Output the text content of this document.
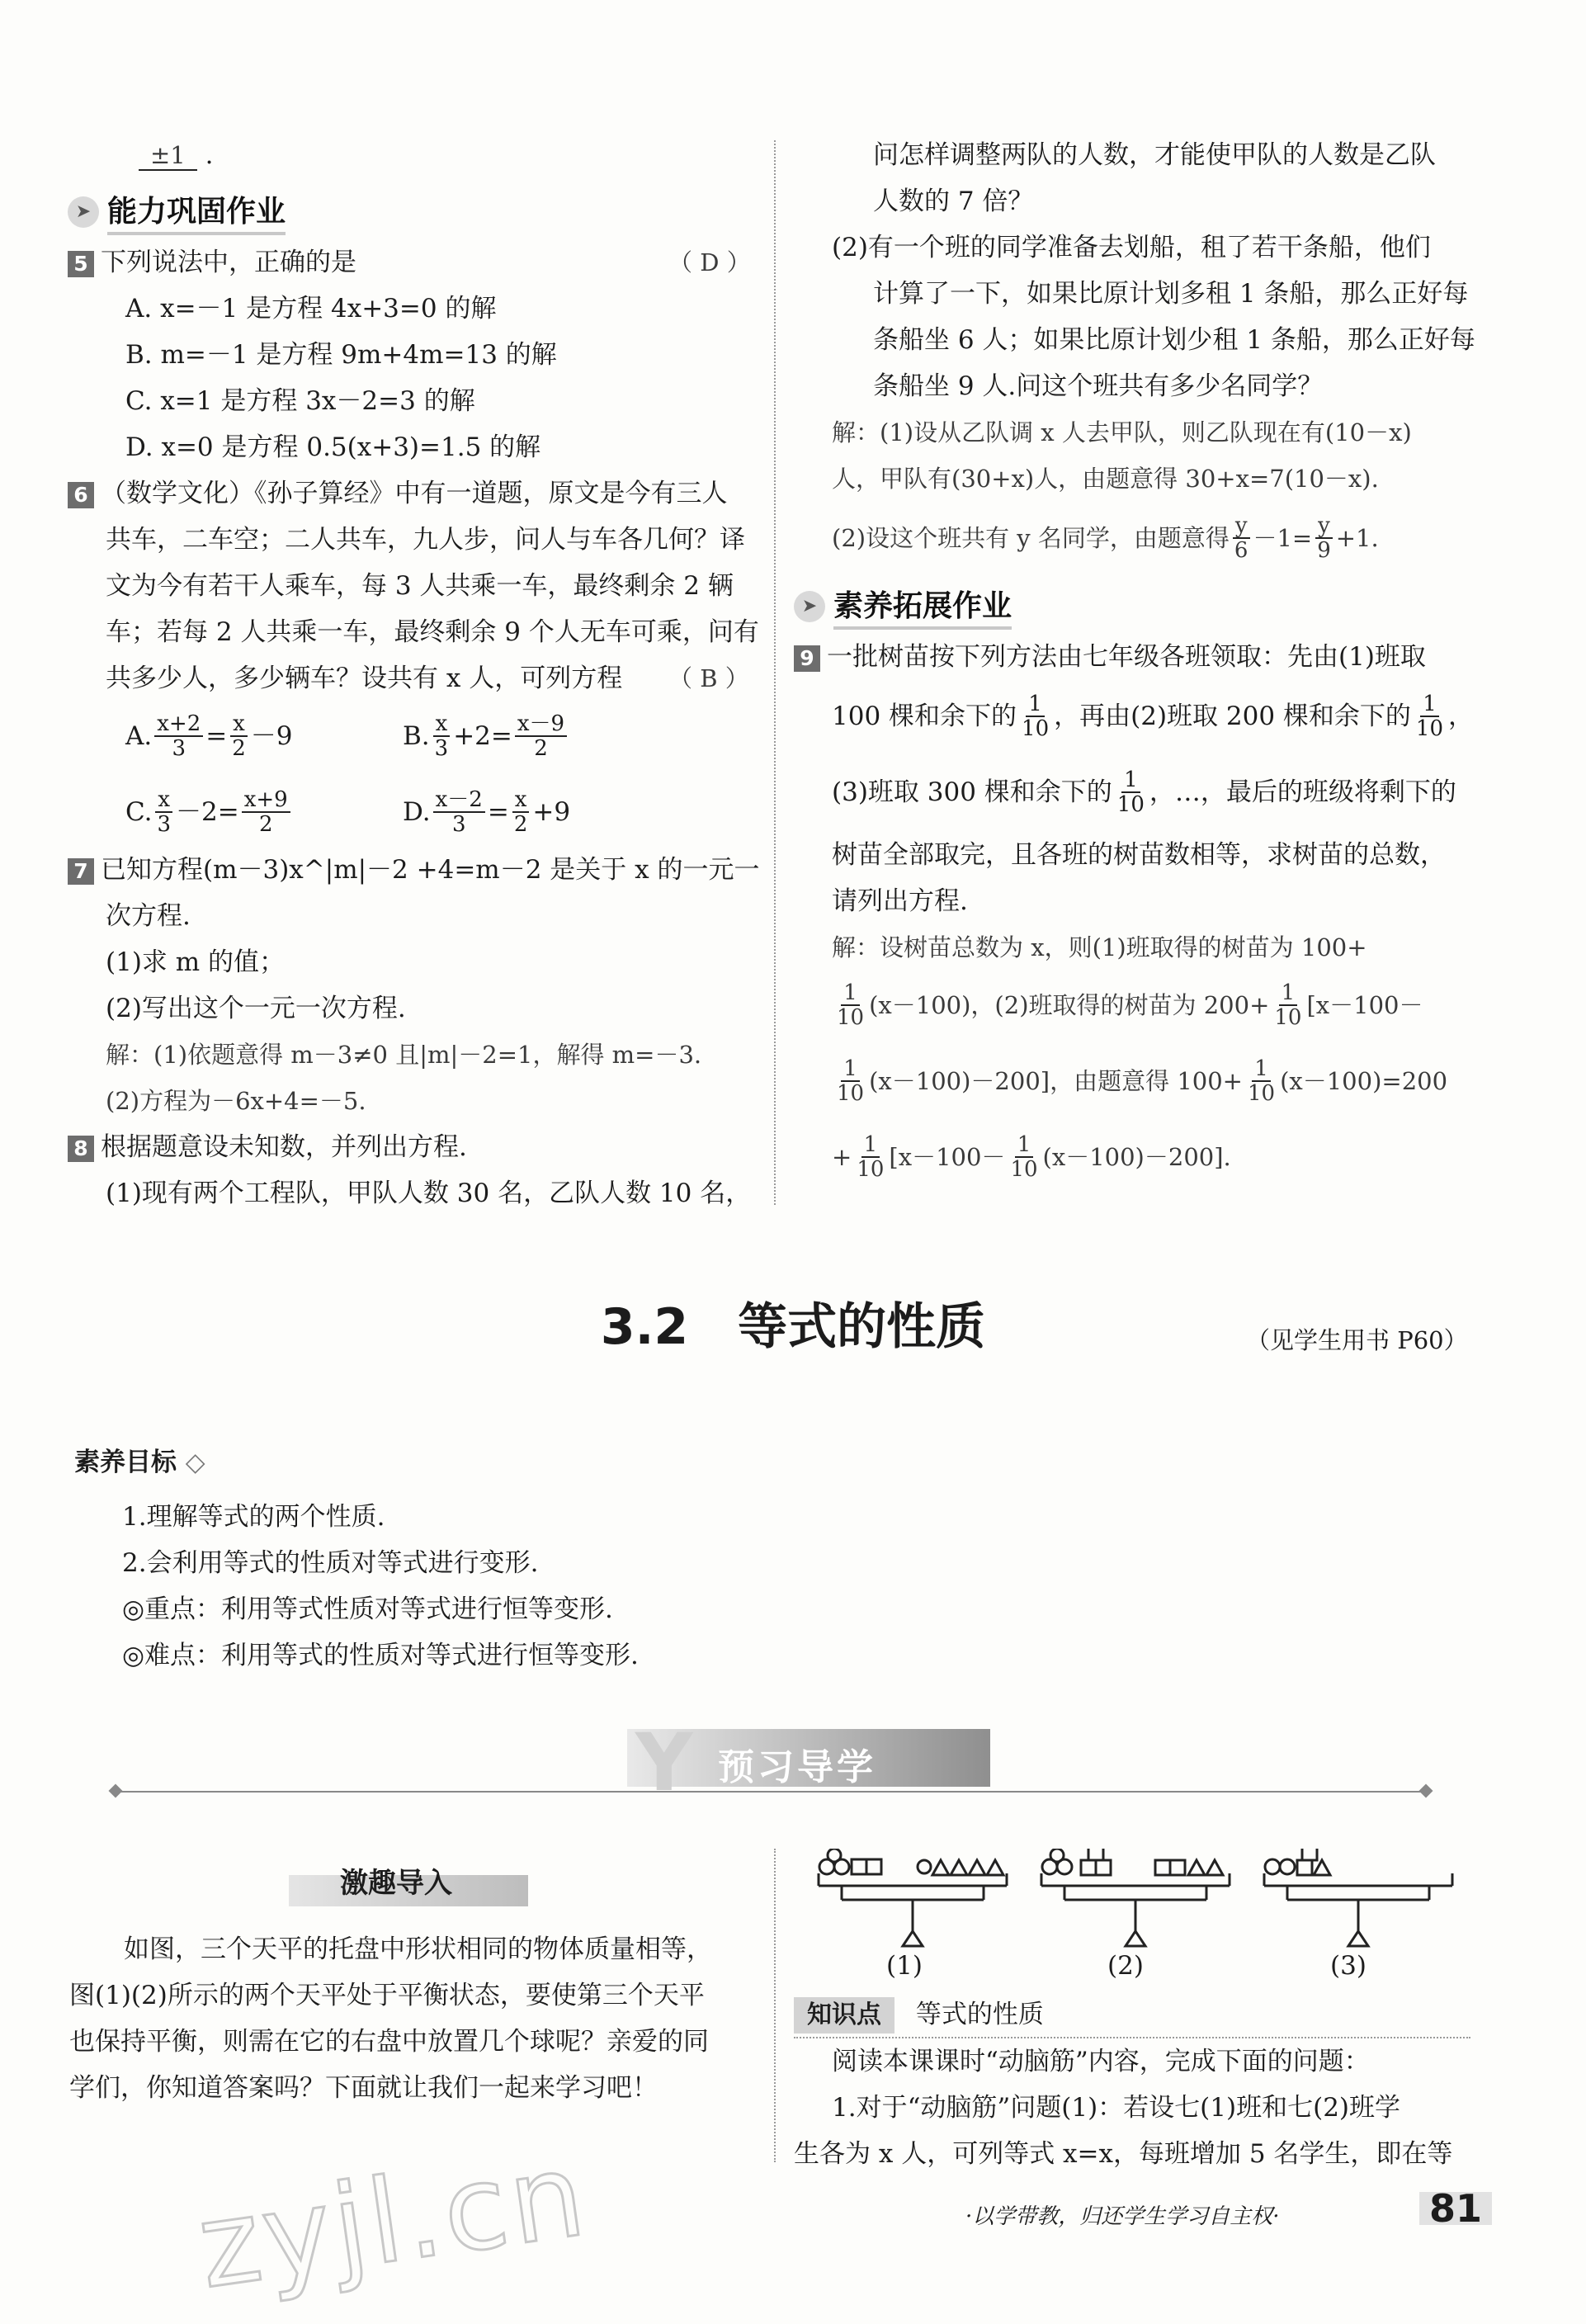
±1 .
➤ 能力巩固作业
5 下列说法中，正确的是	（ D ）
A. x=－1 是方程 4x+3=0 的解
B. m=－1 是方程 9m+4m=13 的解
C. x=1 是方程 3x－2=3 的解
D. x=0 是方程 0.5(x+3)=1.5 的解
6 （数学文化）《孙子算经》中有一道题，原文是今有三人
共车，二车空；二人共车，九人步，问人与车各几何？译
文为今有若干人乘车，每 3 人共乘一车，最终剩余 2 辆
车；若每 2 人共乘一车，最终剩余 9 个人无车可乘，问有
共多少人，多少辆车？设共有 x 人，可列方程 （ B ）
A. $\frac{x+2}{3} = \frac{x}{2} -9$	B. $\frac{x}{3} +2= \frac{x-9}{2}$
C. $\frac{x}{3} -2= \frac{x+9}{2}$	D. $\frac{x-2}{3} = \frac{x}{2} +9$
7 已知方程(m－3)x^|m|－2 +4=m－2 是关于 x 的一元一
次方程.
(1)求 m 的值；
(2)写出这个一元一次方程.
解：(1)依题意得 m－3≠0 且|m|－2=1，解得 m=－3.
(2)方程为－6x+4=－5.
8 根据题意设未知数，并列出方程.
(1)现有两个工程队，甲队人数 30 名，乙队人数 10 名，
问怎样调整两队的人数，才能使甲队的人数是乙队
人数的 7 倍？
(2)有一个班的同学准备去划船，租了若干条船，他们
计算了一下，如果比原计划多租 1 条船，那么正好每
条船坐 6 人；如果比原计划少租 1 条船，那么正好每
条船坐 9 人.问这个班共有多少名同学？
解：(1)设从乙队调 x 人去甲队，则乙队现在有(10－x)
人，甲队有(30+x)人，由题意得 30+x=7(10－x).
(2)设这个班共有 y 名同学，由题意得 $\frac{y}{6} -1= \frac{y}{9} +1$.
➤ 素养拓展作业
9 一批树苗按下列方法由七年级各班领取：先由(1)班取
100 棵和余下的 $\frac{1}{10}$ ，再由(2)班取 200 棵和余下的 $\frac{1}{10}$ ，
(3)班取 300 棵和余下的 $\frac{1}{10}$ ，…，最后的班级将剩下的
树苗全部取完，且各班的树苗数相等，求树苗的总数，
请列出方程.
解：设树苗总数为 x，则(1)班取得的树苗为 100+
$\frac{1}{10} (x-100)$，(2)班取得的树苗为 $200+ \frac{1}{10} [x-100-$
$\frac{1}{10} (x-100)-200$]，由题意得 $100+ \frac{1}{10} (x-100)=200$
+ $\frac{1}{10} [x-100- \frac{1}{10} (x-100)-200]$.
3.2　等式的性质	（见学生用书 P60）
素养目标 ◇
1.理解等式的两个性质.
2.会利用等式的性质对等式进行变形.
◎重点：利用等式性质对等式进行恒等变形.
◎难点：利用等式的性质对等式进行恒等变形.
Y 预习导学
激趣导入
如图，三个天平的托盘中形状相同的物体质量相等，
图(1)(2)所示的两个天平处于平衡状态，要使第三个天平
也保持平衡，则需在它的右盘中放置几个球呢？亲爱的同
学们，你知道答案吗？下面就让我们一起来学习吧！
(1)	(2)	(3)
知识点 等式的性质
阅读本课课时“动脑筋”内容，完成下面的问题：
1.对于“动脑筋”问题(1)：若设七(1)班和七(2)班学
生各为 x 人，可列等式 x=x，每班增加 5 名学生，即在等
zyjl.cn	·以学带教，归还学生学习自主权·	81
